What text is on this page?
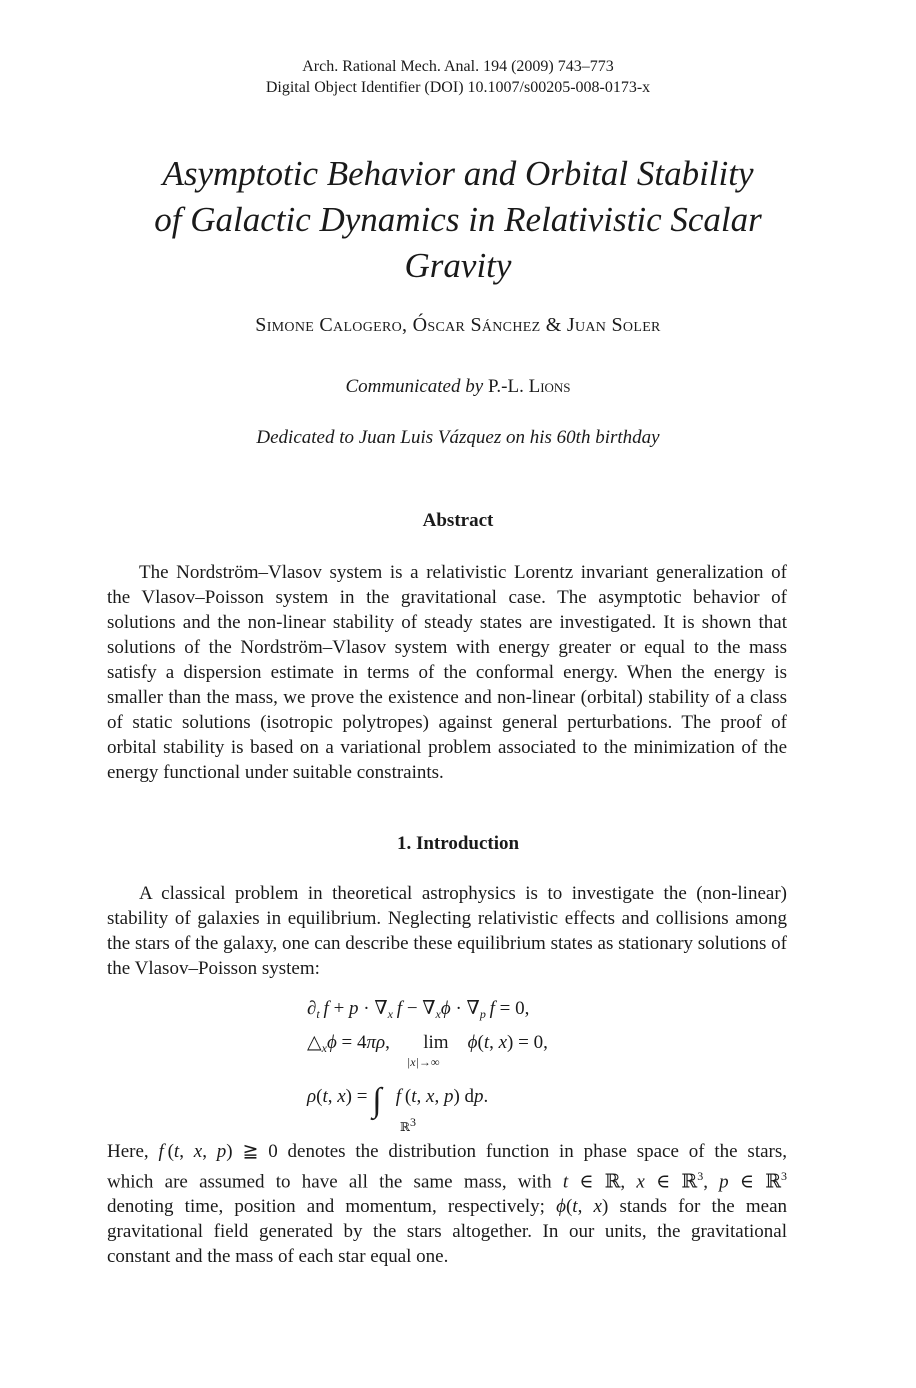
Arch. Rational Mech. Anal. 194 (2009) 743–773
Digital Object Identifier (DOI) 10.1007/s00205-008-0173-x
Asymptotic Behavior and Orbital Stability
of Galactic Dynamics in Relativistic Scalar
Gravity
Simone Calogero, Óscar Sánchez & Juan Soler
Communicated by P.-L. Lions
Dedicated to Juan Luis Vázquez on his 60th birthday
Abstract

The Nordström–Vlasov system is a relativistic Lorentz invariant generalization of the Vlasov–Poisson system in the gravitational case. The asymptotic behavior of solutions and the non-linear stability of steady states are investigated. It is shown that solutions of the Nordström–Vlasov system with energy greater or equal to the mass satisfy a dispersion estimate in terms of the conformal energy. When the energy is smaller than the mass, we prove the existence and non-linear (orbital) stability of a class of static solutions (isotropic polytropes) against general perturbations. The proof of orbital stability is based on a variational problem associated to the minimization of the energy functional under suitable constraints.

1. Introduction

A classical problem in theoretical astrophysics is to investigate the (non-linear) stability of galaxies in equilibrium. Neglecting relativistic effects and collisions among the stars of the galaxy, one can describe these equilibrium states as stationary solutions of the Vlasov–Poisson system:

$\partial_t$  $f + p \cdot \nabla_x$  $f - \nabla_x\phi \cdot \nabla_p$  f = 0,
$\triangle_x\phi = 4\pi\rho$,    lim
|x|→∞
ϕ(t, x) = 0,
ρ(t, x) = ∫
ℝ$^3$
f (t, x, p) dp.
Here, f (t, x, p) ≧ 0 denotes the distribution function in phase space of the stars,
which are assumed to have all the same mass, with t ∈ ℝ, x ∈ ℝ$^3$, p ∈ ℝ$^3$
denoting time, position and momentum, respectively; ϕ(t, x) stands for the mean
gravitational field generated by the stars altogether. In our units, the gravitational
constant and the mass of each star equal one.
